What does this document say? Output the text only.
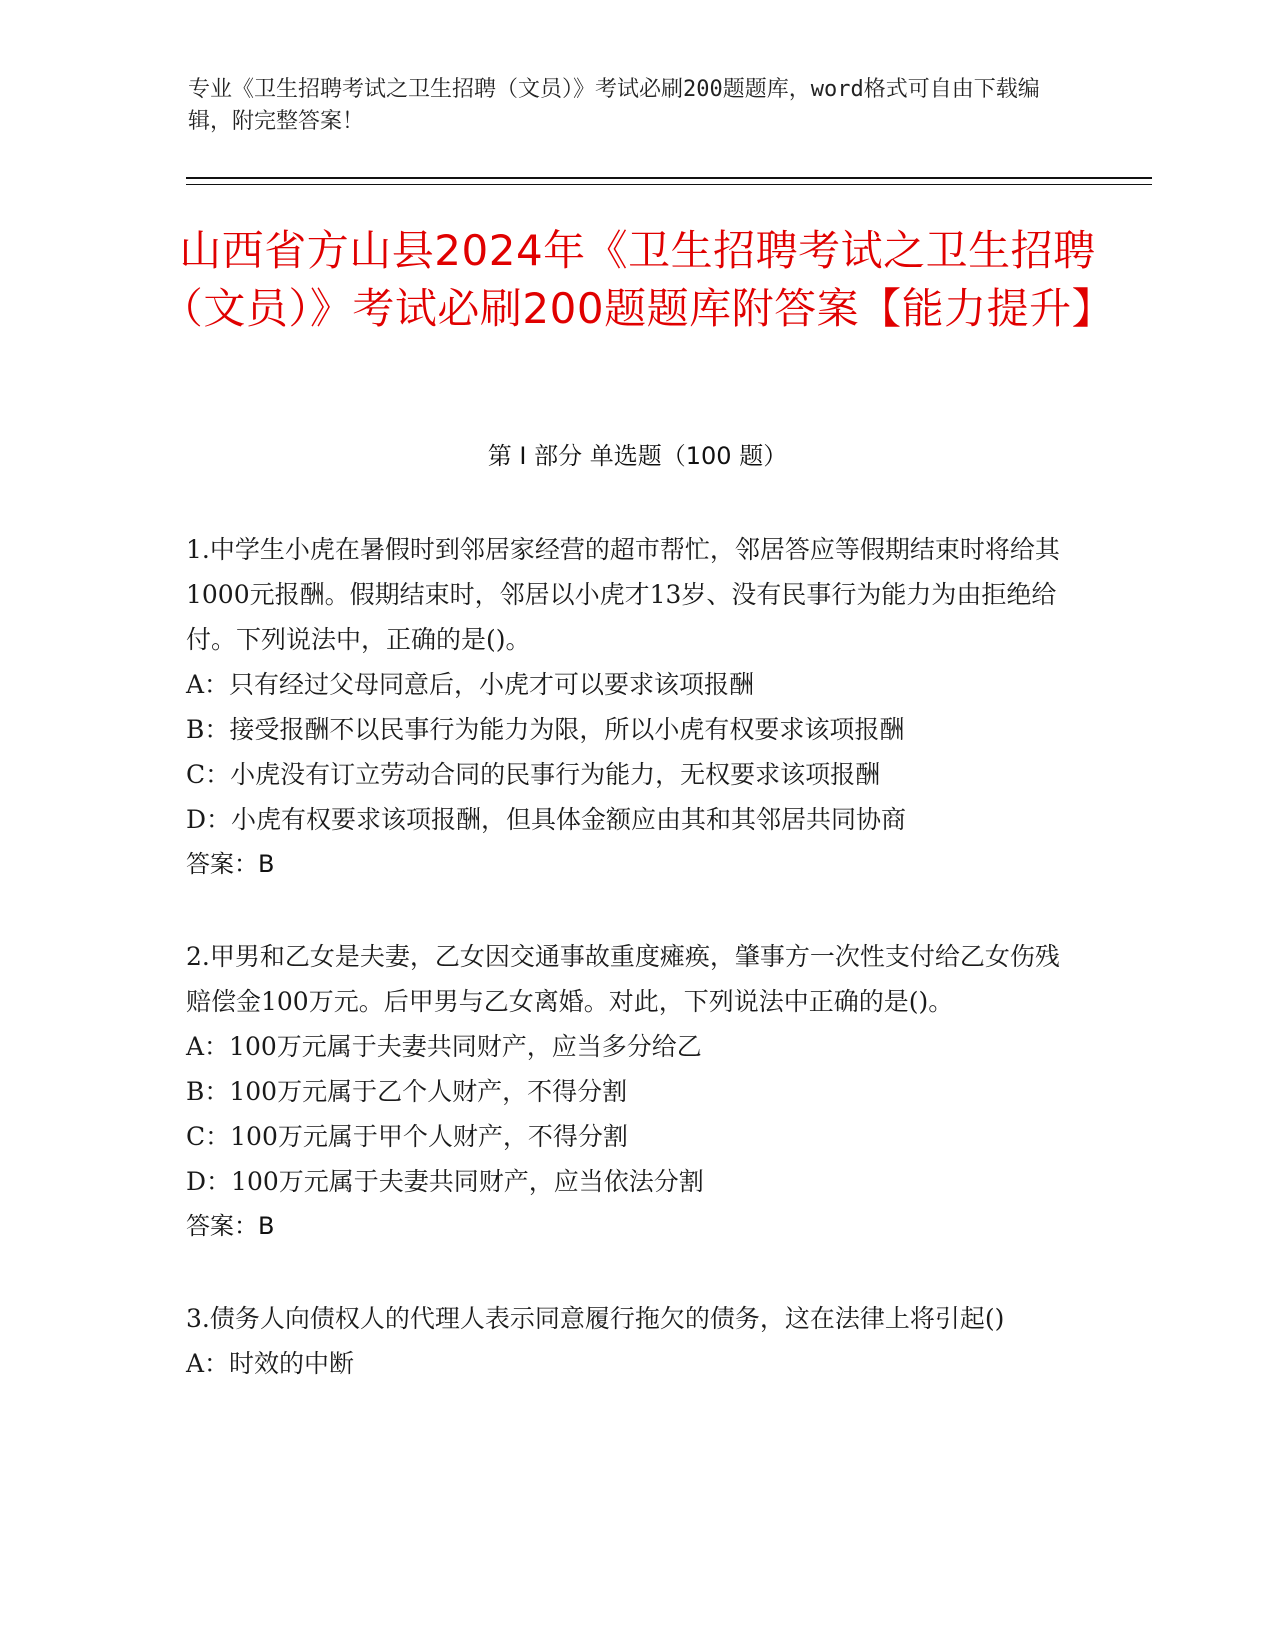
专业《卫生招聘考试之卫生招聘（文员）》考试必刷200题题库，word格式可自由下载编辑，附完整答案！
山西省方山县2024年《卫生招聘考试之卫生招聘（文员）》考试必刷200题题库附答案【能力提升】
第 I 部分 单选题（100 题）

1.中学生小虎在暑假时到邻居家经营的超市帮忙，邻居答应等假期结束时将给其1000元报酬。假期结束时，邻居以小虎才13岁、没有民事行为能力为由拒绝给付。下列说法中，正确的是()。

A：只有经过父母同意后，小虎才可以要求该项报酬

B：接受报酬不以民事行为能力为限，所以小虎有权要求该项报酬

C：小虎没有订立劳动合同的民事行为能力，无权要求该项报酬

D：小虎有权要求该项报酬，但具体金额应由其和其邻居共同协商

答案：B

2.甲男和乙女是夫妻，乙女因交通事故重度瘫痪，肇事方一次性支付给乙女伤残赔偿金100万元。后甲男与乙女离婚。对此，下列说法中正确的是()。

A：100万元属于夫妻共同财产，应当多分给乙

B：100万元属于乙个人财产，不得分割

C：100万元属于甲个人财产，不得分割

D：100万元属于夫妻共同财产，应当依法分割

答案：B

3.债务人向债权人的代理人表示同意履行拖欠的债务，这在法律上将引起()

A：时效的中断
